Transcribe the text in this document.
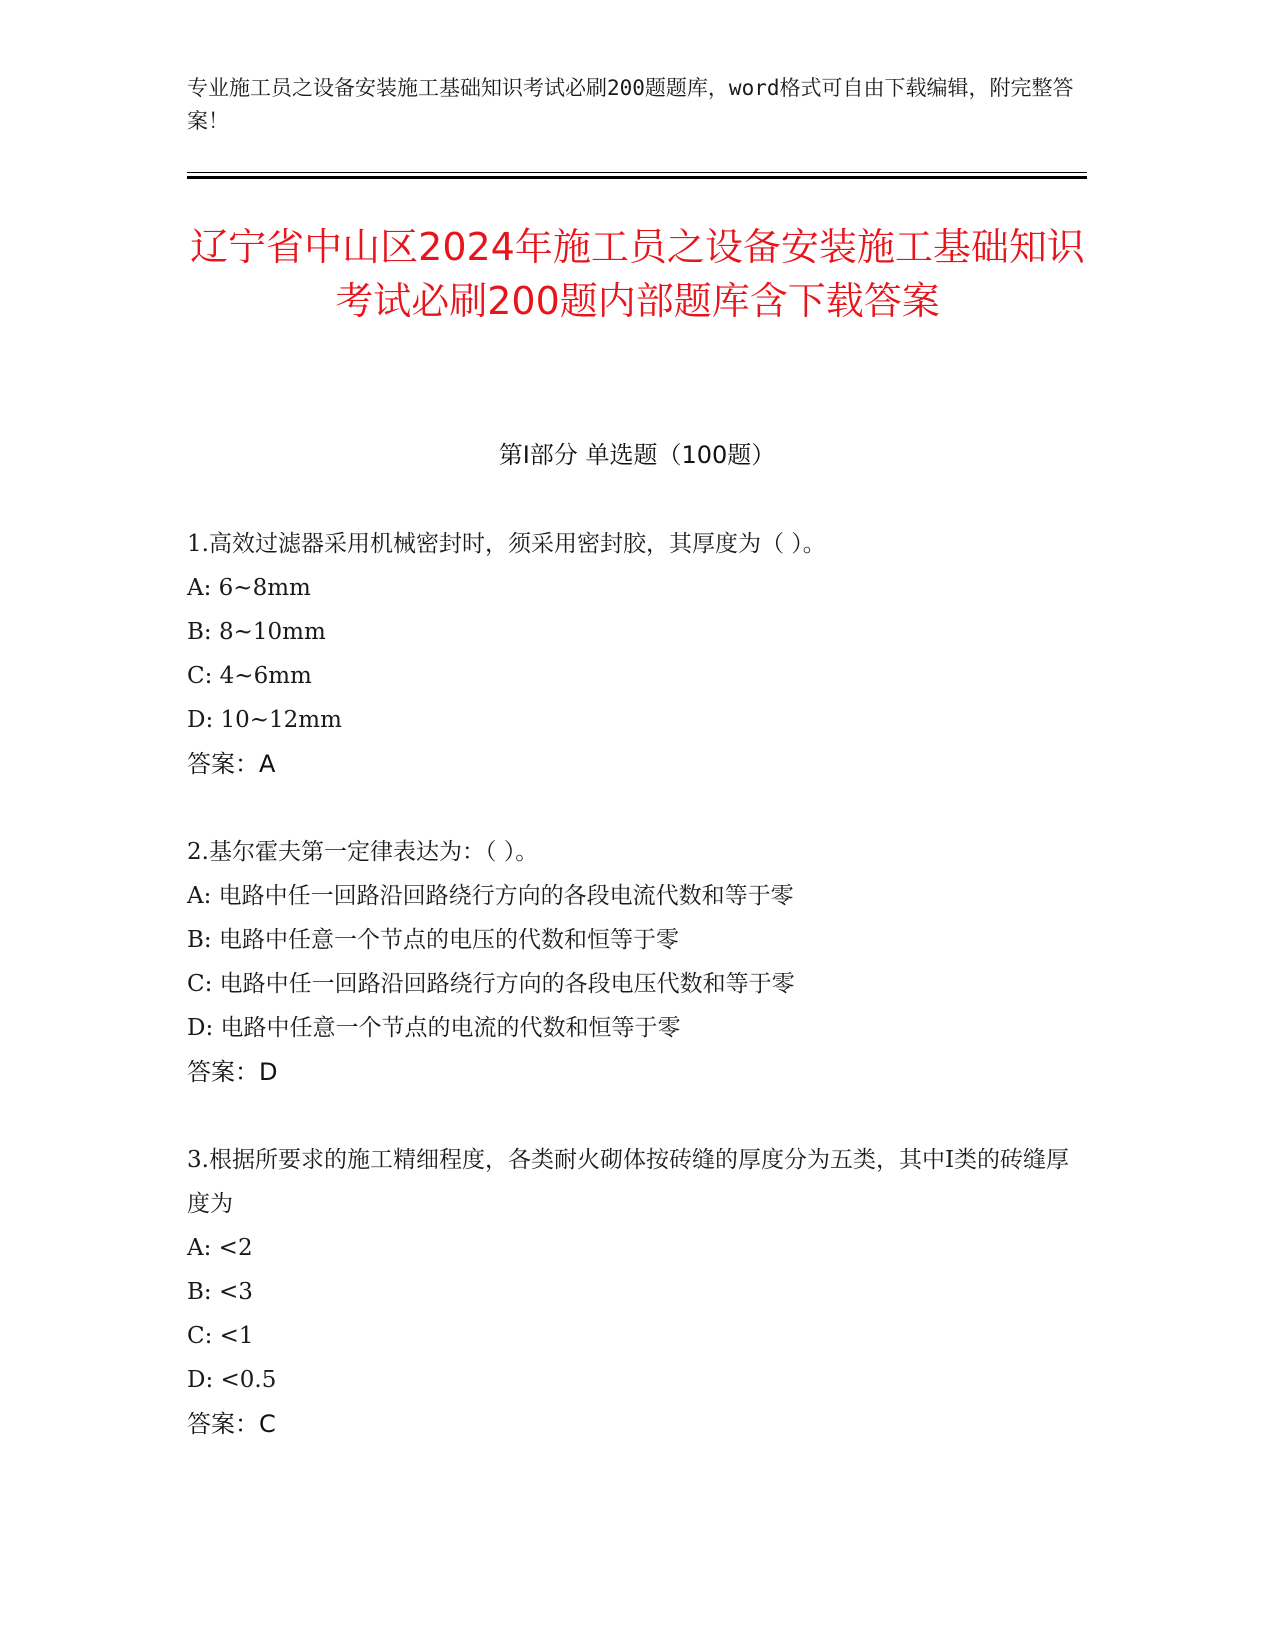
专业施工员之设备安装施工基础知识考试必刷200题题库，word格式可自由下载编辑，附完整答案！
辽宁省中山区2024年施工员之设备安装施工基础知识考试必刷200题内部题库含下载答案
第I部分 单选题（100题）
1.高效过滤器采用机械密封时，须采用密封胶，其厚度为（ ）。
A: 6~8mm
B: 8~10mm
C: 4~6mm
D: 10~12mm
答案：A
2.基尔霍夫第一定律表达为：（ ）。
A: 电路中任一回路沿回路绕行方向的各段电流代数和等于零
B: 电路中任意一个节点的电压的代数和恒等于零
C: 电路中任一回路沿回路绕行方向的各段电压代数和等于零
D: 电路中任意一个节点的电流的代数和恒等于零
答案：D
3.根据所要求的施工精细程度，各类耐火砌体按砖缝的厚度分为五类，其中I类的砖缝厚度为
A: <2
B: <3
C: <1
D: <0.5
答案：C
